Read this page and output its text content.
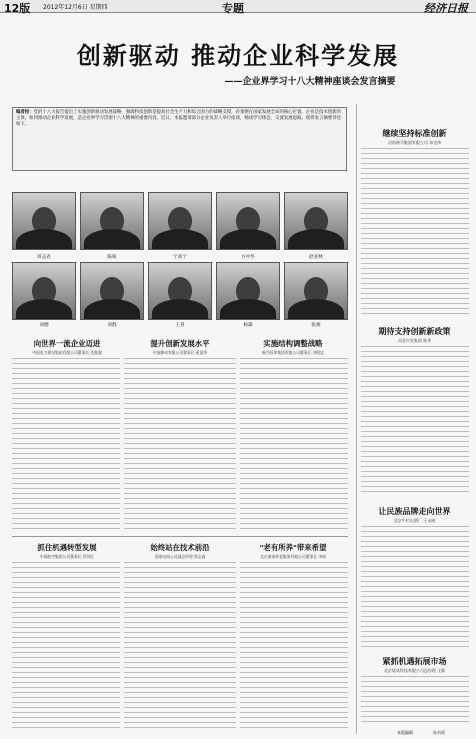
12版 2012年12月6日 星期四	专题	经济日报
创新驱动 推动企业科学发展
——企业界学习十八大精神座谈会发言摘要
编者按：党的十八大报告提出了实施创新驱动发展战略，强调科技创新是提高社会生产力和综合国力的战略支撑，必须摆在国家发展全局的核心位置。企业是技术创新的主体，如何推动企业科学发展，是企业界学习贯彻十八大精神的重要内容。近日，本报邀请部分企业负责人举行座谈，畅谈学习体会，交流发展思路。现将发言摘要刊登如下。
蒋志君	陈锐	宁高宁	方中华	赵亚林
刘德	刘群	王青	杨霖	张俊
向世界一流企业迈进
中国电力建设集团有限公司董事长 范集湘
提升创新发展水平
中国移动有限公司董事长 奚国华
实施结构调整战略
新兴际华集团有限公司董事长 刘明忠
抓住机遇转型发展
中国航空集团公司董事长 蔡剑江
始终站在技术前沿
国家电网公司副总经理 郑宝森
"老有所养"带来希望
北京康泰养老服务有限公司董事长 李琦
继续坚持标准创新
河南神马集团有限公司 邓光伟
期待支持创新新政策
河北兴发集团 陈华
让民族品牌走向世界
北京牛栏山酒厂 王永刚
紧抓机遇拓展市场
北京晨风科技有限公司总经理 王敏
本版编辑	孙书瑶
